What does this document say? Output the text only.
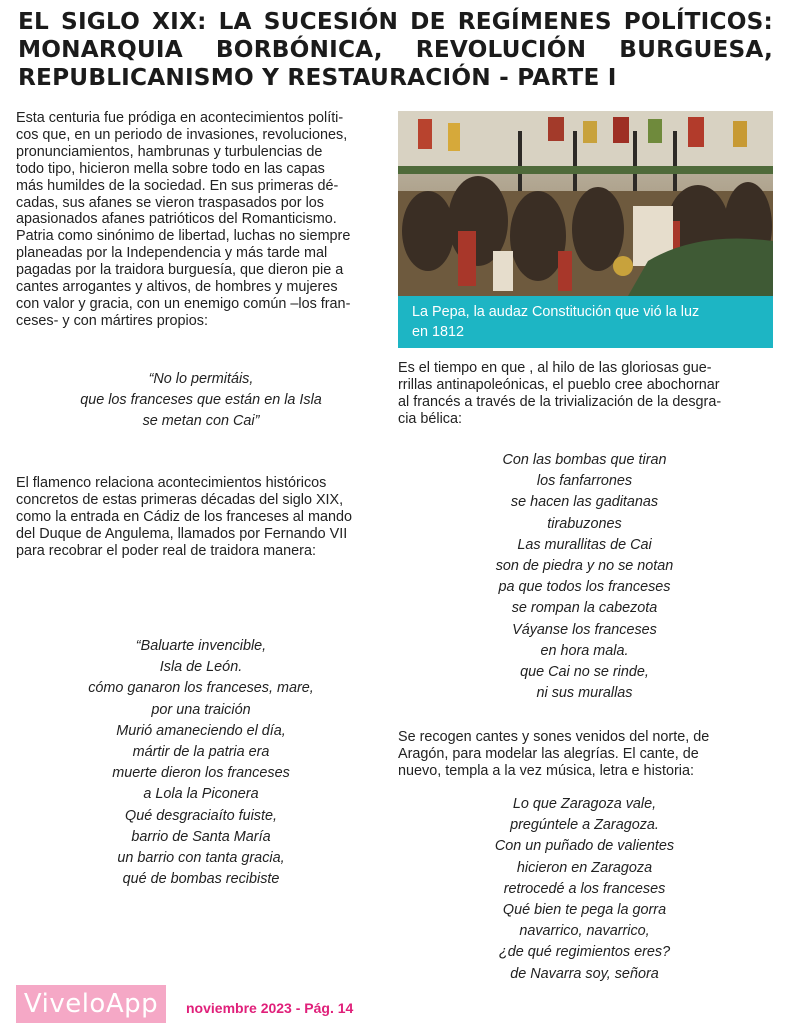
EL SIGLO XIX: LA SUCESIÓN DE REGÍMENES POLÍTICOS:
MONARQUIA BORBÓNICA, REVOLUCIÓN BURGUESA,
REPUBLICANISMO Y RESTAURACIÓN - PARTE I
Esta centuria fue pródiga en acontecimientos políti-
cos que, en un periodo de invasiones, revoluciones,
pronunciamientos, hambrunas y turbulencias de
todo tipo, hicieron mella sobre todo en las capas
más humildes de la sociedad. En sus primeras dé-
cadas, sus afanes se vieron traspasados por los
apasionados afanes patrióticos del Romanticismo.
Patria como sinónimo de libertad, luchas no siempre
planeadas por la Independencia y más tarde mal
pagadas por la traidora burguesía, que dieron pie a
cantes arrogantes y altivos, de hombres y mujeres
con valor y gracia, con un enemigo común –los fran-
ceses- y con mártires propios:
“No lo permitáis,
que los franceses que están en la Isla
se metan con Cai”
El flamenco relaciona acontecimientos históricos
concretos de estas primeras décadas del siglo XIX,
como la entrada en Cádiz de los franceses al mando
del Duque de Angulema, llamados por Fernando VII
para recobrar el poder real de traidora manera:
“Baluarte invencible,
Isla de León.
cómo ganaron los franceses, mare,
por una traición
Murió amaneciendo el día,
mártir de la patria era
muerte dieron los franceses
a Lola la Piconera
Qué desgraciaíto fuiste,
barrio de Santa María
un barrio con tanta gracia,
qué de bombas recibiste
La Pepa, la audaz Constitución que vió la luz
en 1812
Es el tiempo en que , al hilo de las gloriosas gue-
rrillas antinapoleónicas, el pueblo cree abochornar
al francés a través de la trivialización de la desgra-
cia bélica:
Con las bombas que tiran
los fanfarrones
se hacen las gaditanas
tirabuzones
Las murallitas de Cai
son de piedra y no se notan
pa que todos los franceses
se rompan la cabezota
Váyanse los franceses
en hora mala.
que Cai no se rinde,
ni sus murallas
Se recogen cantes y sones venidos del norte, de
Aragón, para modelar las alegrías. El cante, de
nuevo, templa a la vez música, letra e historia:
Lo que Zaragoza vale,
pregúntele a Zaragoza.
Con un puñado de valientes
hicieron en Zaragoza
retrocedé a los franceses
Qué bien te pega la gorra
navarrico, navarrico,
¿de qué regimientos eres?
de Navarra soy, señora
ViveloApp	noviembre 2023 - Pág. 14
